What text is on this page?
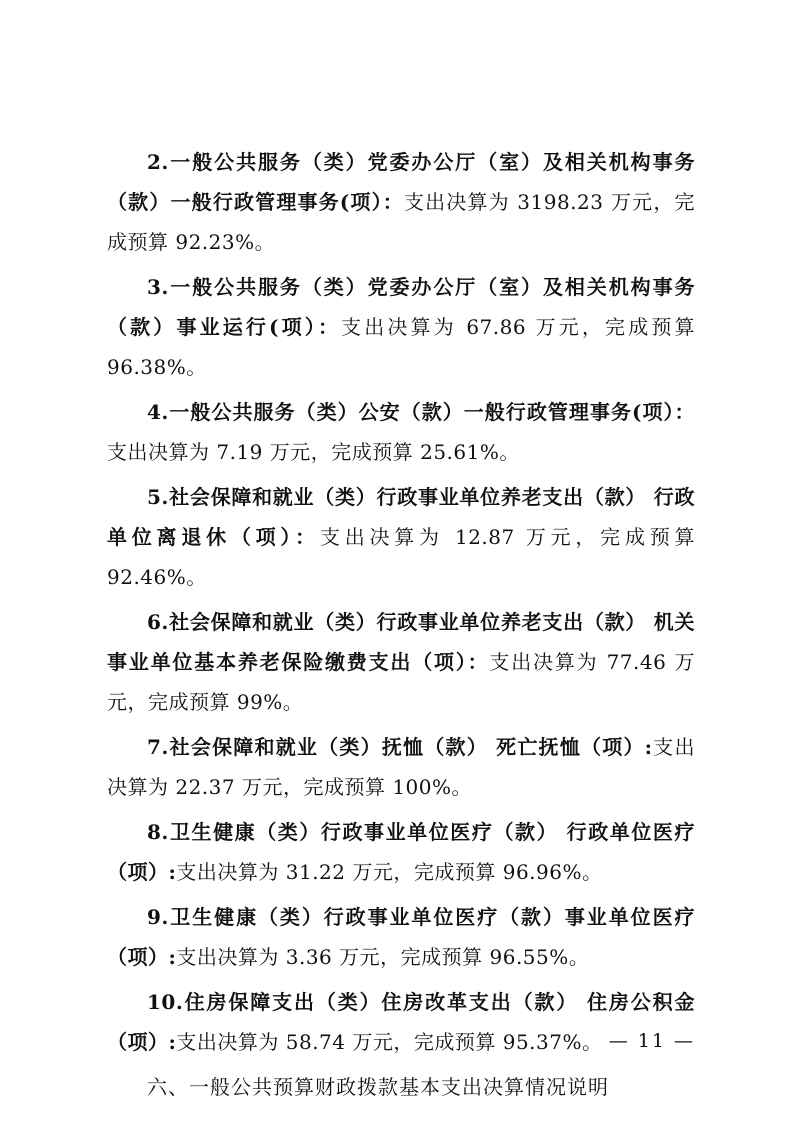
2.一般公共服务（类）党委办公厅（室）及相关机构事务（款）一般行政管理事务(项）：支出决算为 3198.23 万元，完成预算 92.23%。

3.一般公共服务（类）党委办公厅（室）及相关机构事务（款）事业运行(项）：支出决算为 67.86 万元，完成预算 96.38%。

4.一般公共服务（类）公安（款）一般行政管理事务(项）：支出决算为 7.19 万元，完成预算 25.61%。

5.社会保障和就业（类）行政事业单位养老支出（款） 行政单位离退休（项）：支出决算为 12.87 万元，完成预算 92.46%。

6.社会保障和就业（类）行政事业单位养老支出（款） 机关事业单位基本养老保险缴费支出（项）：支出决算为 77.46 万元，完成预算 99%。

7.社会保障和就业（类）抚恤（款） 死亡抚恤（项）:支出决算为 22.37 万元，完成预算 100%。

8.卫生健康（类）行政事业单位医疗（款） 行政单位医疗（项）:支出决算为 31.22 万元，完成预算 96.96%。

9.卫生健康（类）行政事业单位医疗（款）事业单位医疗（项）:支出决算为 3.36 万元，完成预算 96.55%。

10.住房保障支出（类）住房改革支出（款） 住房公积金（项）:支出决算为 58.74 万元，完成预算 95.37%。

六、一般公共预算财政拨款基本支出决算情况说明

— 11 —
